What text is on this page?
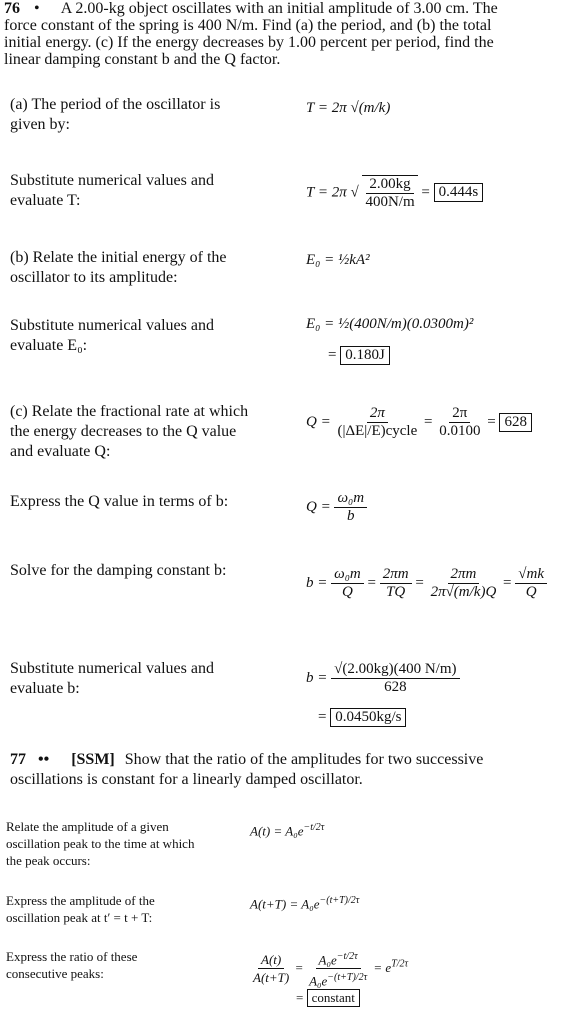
76 • A 2.00-kg object oscillates with an initial amplitude of 3.00 cm. The
force constant of the spring is 400 N/m. Find (a) the period, and (b) the total
initial energy. (c) If the energy decreases by 1.00 percent per period, find the
linear damping constant b and the Q factor.
(a) The period of the oscillator is
given by:
Substitute numerical values and
evaluate T:
(b) Relate the initial energy of the
oscillator to its amplitude:
Substitute numerical values and
evaluate E₀:
(c) Relate the fractional rate at which
the energy decreases to the Q value
and evaluate Q:
Express the Q value in terms of b:
Solve for the damping constant b:
Substitute numerical values and
evaluate b:
T = 2π √(m/k)
T = 2π √ $\frac{2.00kg}{400N/m} = 0.444s$
E₀ = ½kA²
E₀ = ½(400N/m)(0.0300m)²
= 0.180J
$Q = \frac{2\pi}{\text{(|ΔE|/E)cycle}} = \frac{2\pi}{0.0100} = 628$
$Q = \frac{\text{ω₀m}}{b}$
$b = \frac{\text{ω₀m}}{Q} = \frac{2\pi m}{TQ} = \frac{2\pi m}{2\pi√(m/k)Q} = \frac{√mk}{Q}$
$b = \frac{√(2.00kg)(400 N/m)}{628}$
= 0.0450kg/s
77 •• [SSM] Show that the ratio of the amplitudes for two successive
oscillations is constant for a linearly damped oscillator.
Relate the amplitude of a given
oscillation peak to the time at which
the peak occurs:
Express the amplitude of the
oscillation peak at t′ = t + T:
Express the ratio of these
consecutive peaks:
$A(t) = A_0e^{-t/2\tau}$
$A(t+T) = A_0e^{-(t+T)/2\tau}$
$\frac{A(t)}{A(t+T)} = \frac{A_0e^{-t/2\tau}}{A_0e^{-(t+T)/2\tau}} = e^{T/2\tau}$
= constant
